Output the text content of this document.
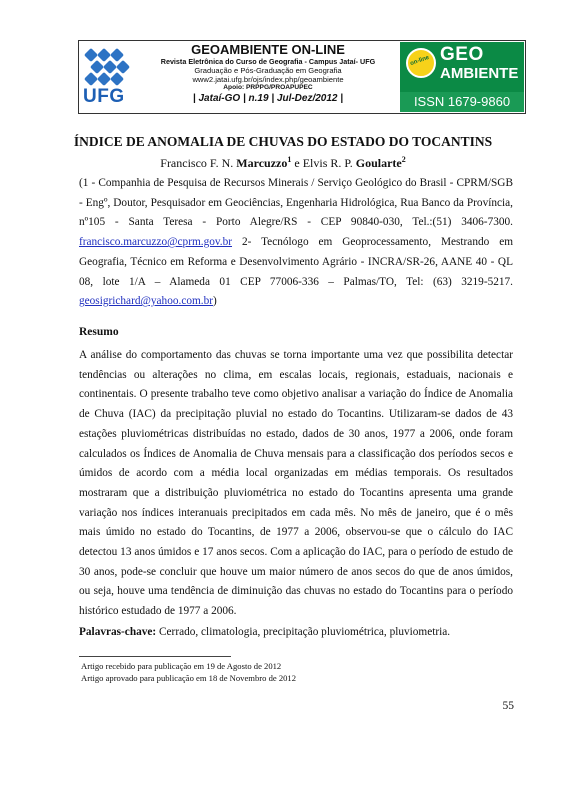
UFG
GEOAMBIENTE ON-LINE
Revista Eletrônica do Curso de Geografia - Campus Jataí- UFG
Graduação e Pós-Graduação em Geografia
www2.jatai.ufg.br/ojs/index.php/geoambiente
Apoio: PRPPG/PROAPUPEC
| Jataí-GO | n.19 | Jul-Dez/2012 |
on-line GEO
AMBIENTE
ISSN 1679-9860
ÍNDICE DE ANOMALIA DE CHUVAS DO ESTADO DO TOCANTINS
Francisco F. N. Marcuzzo$^1$ e Elvis R. P. Goularte$^2$
(1 - Companhia de Pesquisa de Recursos Minerais / Serviço Geológico do Brasil - CPRM/SGB - Engº, Doutor, Pesquisador em Geociências, Engenharia Hidrológica, Rua Banco da Província, nº105 - Santa Teresa - Porto Alegre/RS - CEP 90840-030, Tel.:(51) 3406-7300. francisco.marcuzzo@cprm.gov.br 2- Tecnólogo em Geoprocessamento, Mestrando em Geografia, Técnico em Reforma e Desenvolvimento Agrário - INCRA/SR-26, AANE 40 - QL 08, lote 1/A – Alameda 01 CEP 77006-336 – Palmas/TO, Tel: (63) 3219-5217. geosigrichard@yahoo.com.br)
Resumo
A análise do comportamento das chuvas se torna importante uma vez que possibilita detectar tendências ou alterações no clima, em escalas locais, regionais, estaduais, nacionais e continentais. O presente trabalho teve como objetivo analisar a variação do Índice de Anomalia de Chuva (IAC) da precipitação pluvial no estado do Tocantins. Utilizaram-se dados de 43 estações pluviométricas distribuídas no estado, dados de 30 anos, 1977 a 2006, onde foram calculados os Índices de Anomalia de Chuva mensais para a classificação dos períodos secos e úmidos de acordo com a média local organizadas em médias temporais. Os resultados mostraram que a distribuição pluviométrica no estado do Tocantins apresenta uma grande variação nos índices interanuais precipitados em cada mês. No mês de janeiro, que é o mês mais úmido no estado do Tocantins, de 1977 a 2006, observou-se que o cálculo do IAC detectou 13 anos úmidos e 17 anos secos. Com a aplicação do IAC, para o período de estudo de 30 anos, pode-se concluir que houve um maior número de anos secos do que de anos úmidos, ou seja, houve uma tendência de diminuição das chuvas no estado do Tocantins para o período histórico estudado de 1977 a 2006.
Palavras-chave: Cerrado, climatologia, precipitação pluviométrica, pluviometria.
Artigo recebido para publicação em 19 de Agosto de 2012
Artigo aprovado para publicação em 18 de Novembro de 2012
55
